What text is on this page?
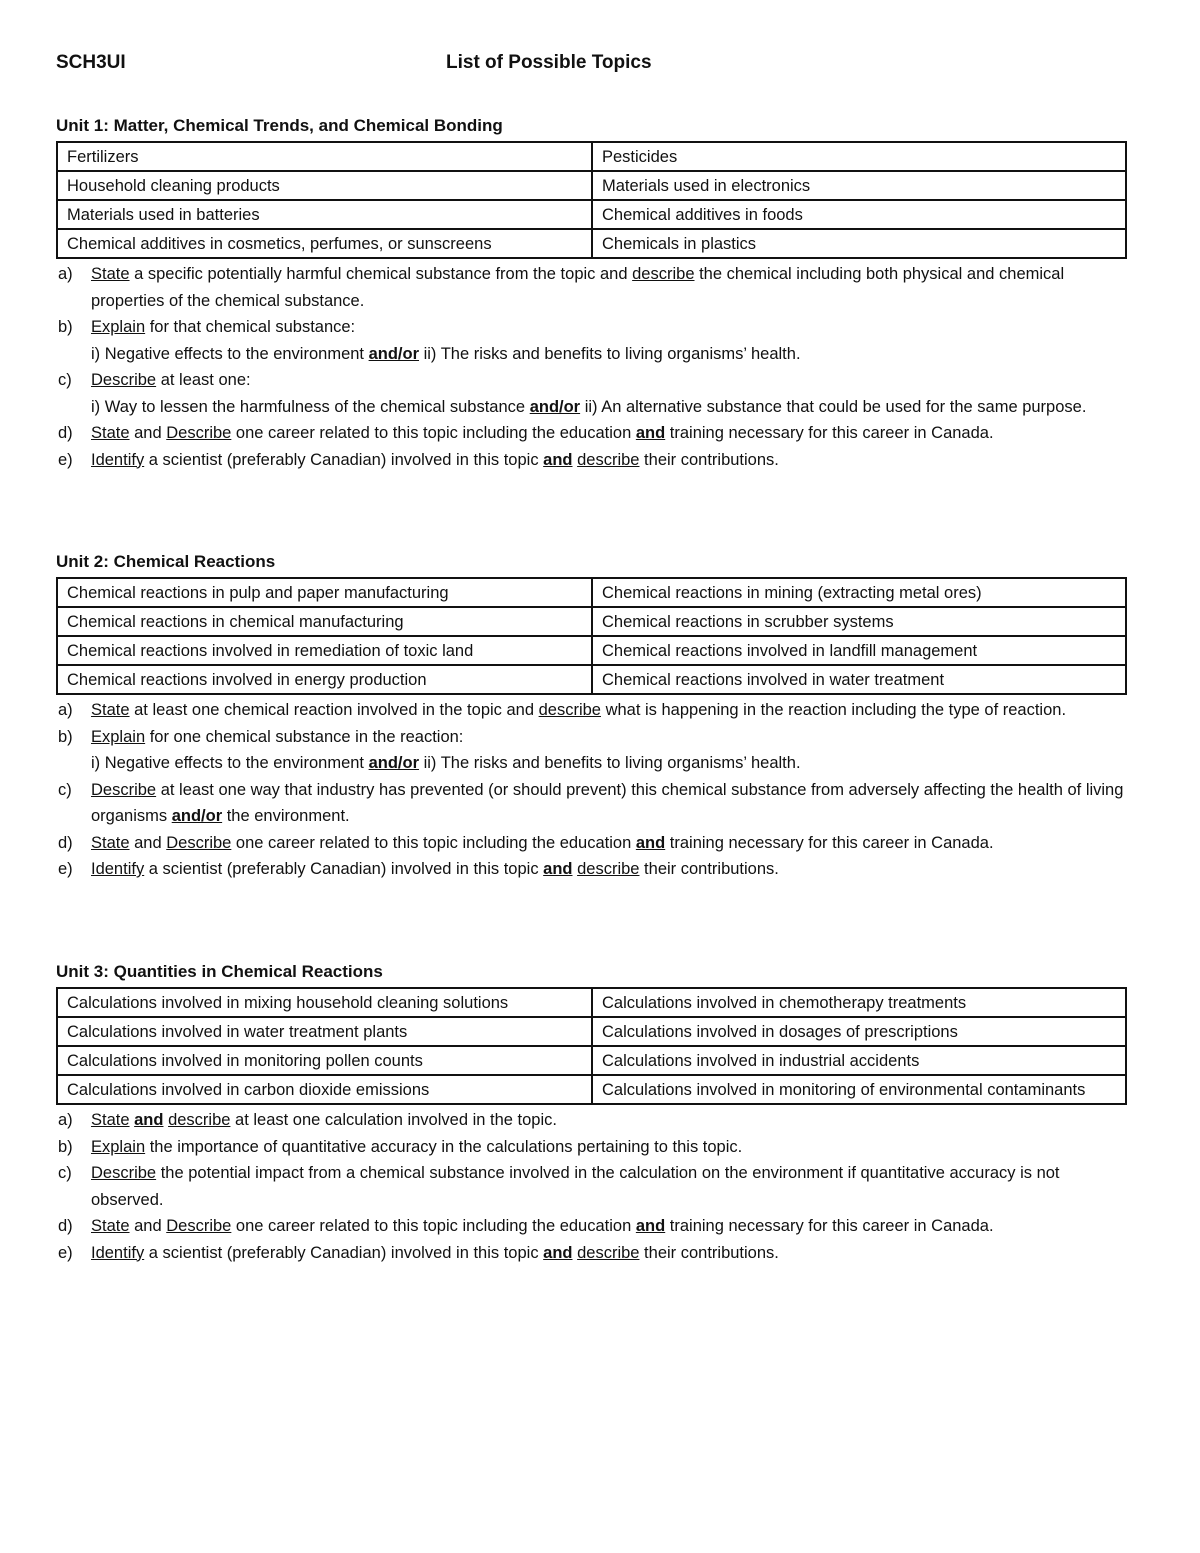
SCH3UI	List of Possible Topics
Unit 1: Matter, Chemical Trends, and Chemical Bonding
Fertilizers	Pesticides
Household cleaning products	Materials used in electronics
Materials used in batteries	Chemical additives in foods
Chemical additives in cosmetics, perfumes, or sunscreens	Chemicals in plastics
a) State a specific potentially harmful chemical substance from the topic and describe the chemical including both physical and chemical properties of the chemical substance.
b) Explain for that chemical substance:
i) Negative effects to the environment and/or ii) The risks and benefits to living organisms’ health.
c) Describe at least one:
i) Way to lessen the harmfulness of the chemical substance and/or ii) An alternative substance that could be used for the same purpose.
d) State and Describe one career related to this topic including the education and training necessary for this career in Canada.
e) Identify a scientist (preferably Canadian) involved in this topic and describe their contributions.
Unit 2: Chemical Reactions
Chemical reactions in pulp and paper manufacturing	Chemical reactions in mining (extracting metal ores)
Chemical reactions in chemical manufacturing	Chemical reactions in scrubber systems
Chemical reactions involved in remediation of toxic land	Chemical reactions involved in landfill management
Chemical reactions involved in energy production	Chemical reactions involved in water treatment
a) State at least one chemical reaction involved in the topic and describe what is happening in the reaction including the type of reaction.
b) Explain for one chemical substance in the reaction:
i) Negative effects to the environment and/or ii) The risks and benefits to living organisms’ health.
c) Describe at least one way that industry has prevented (or should prevent) this chemical substance from adversely affecting the health of living organisms and/or the environment.
d) State and Describe one career related to this topic including the education and training necessary for this career in Canada.
e) Identify a scientist (preferably Canadian) involved in this topic and describe their contributions.
Unit 3: Quantities in Chemical Reactions
Calculations involved in mixing household cleaning solutions	Calculations involved in chemotherapy treatments
Calculations involved in water treatment plants	Calculations involved in dosages of prescriptions
Calculations involved in monitoring pollen counts	Calculations involved in industrial accidents
Calculations involved in carbon dioxide emissions	Calculations involved in monitoring of environmental contaminants
a) State and describe at least one calculation involved in the topic.
b) Explain the importance of quantitative accuracy in the calculations pertaining to this topic.
c) Describe the potential impact from a chemical substance involved in the calculation on the environment if quantitative accuracy is not observed.
d) State and Describe one career related to this topic including the education and training necessary for this career in Canada.
e) Identify a scientist (preferably Canadian) involved in this topic and describe their contributions.
